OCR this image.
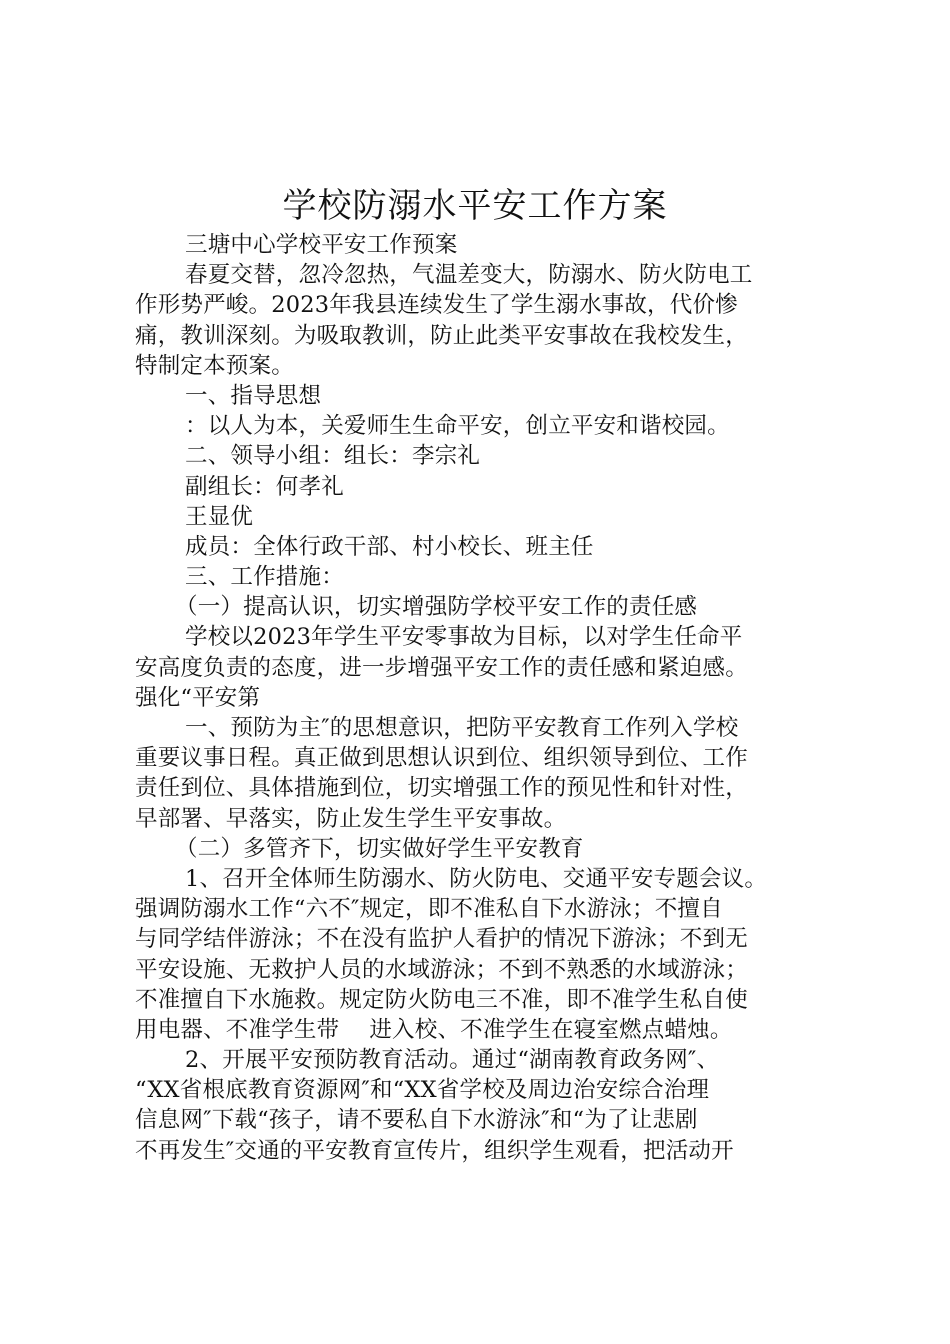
学校防溺水平安工作方案
三塘中心学校平安工作预案
春夏交替，忽冷忽热，气温差变大，防溺水、防火防电工
作形势严峻。2023年我县连续发生了学生溺水事故，代价惨
痛，教训深刻。为吸取教训，防止此类平安事故在我校发生，
特制定本预案。
一、指导思想
：以人为本，关爱师生生命平安，创立平安和谐校园。
二、领导小组：组长：李宗礼
副组长：何孝礼
王显优
成员：全体行政干部、村小校长、班主任
三、工作措施：
（一）提高认识，切实增强防学校平安工作的责任感
学校以2023年学生平安零事故为目标，以对学生任命平
安高度负责的态度，进一步增强平安工作的责任感和紧迫感。
强化“平安第
一、预防为主″的思想意识，把防平安教育工作列入学校
重要议事日程。真正做到思想认识到位、组织领导到位、工作
责任到位、具体措施到位，切实增强工作的预见性和针对性，
早部署、早落实，防止发生学生平安事故。
（二）多管齐下，切实做好学生平安教育
1、召开全体师生防溺水、防火防电、交通平安专题会议。
强调防溺水工作“六不″规定，即不准私自下水游泳；不擅自
与同学结伴游泳；不在没有监护人看护的情况下游泳；不到无
平安设施、无救护人员的水域游泳；不到不熟悉的水域游泳；
不准擅自下水施救。规定防火防电三不准，即不准学生私自使
用电器、不准学生带　 进入校、不准学生在寝室燃点蜡烛。
2、开展平安预防教育活动。通过“湖南教育政务网″、
“XX省根底教育资源网″和“XX省学校及周边治安综合治理
信息网″下载“孩子，请不要私自下水游泳″和“为了让悲剧
不再发生″交通的平安教育宣传片，组织学生观看，把活动开
